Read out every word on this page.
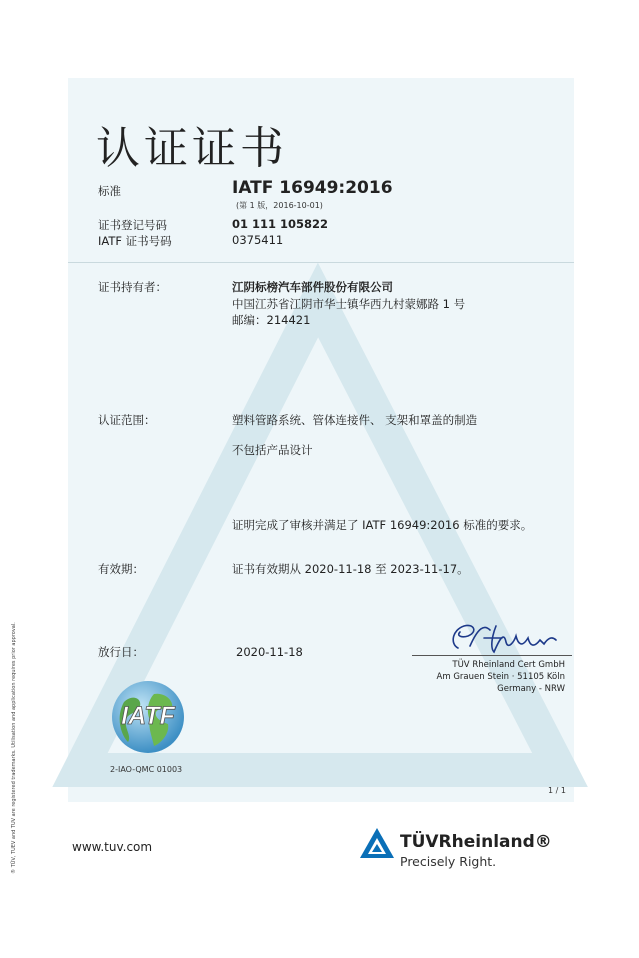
认证证书
标准	IATF 16949:2016
(第 1 版，2016-10-01)
证书登记号码	01 111 105822
IATF 证书号码	0375411
证书持有者：	江阴标榜汽车部件股份有限公司
中国江苏省江阴市华士镇华西九村蒙娜路 1 号
邮编：214421
认证范围：	塑料管路系统、管体连接件、 支架和罩盖的制造
不包括产品设计
证明完成了审核并满足了 IATF 16949:2016 标准的要求。
有效期：	证书有效期从 2020-11-18 至 2023-11-17。
放行日：	2020-11-18
TÜV Rheinland Cert GmbH
Am Grauen Stein · 51105 Köln
Germany - NRW
IATF
2-IAO-QMC 01003
1 / 1
® TÜV, TUEV and TUV are registered trademarks. Utilisation and application requires prior approval.	www.tuv.com	TÜVRheinland®
Precisely Right.
